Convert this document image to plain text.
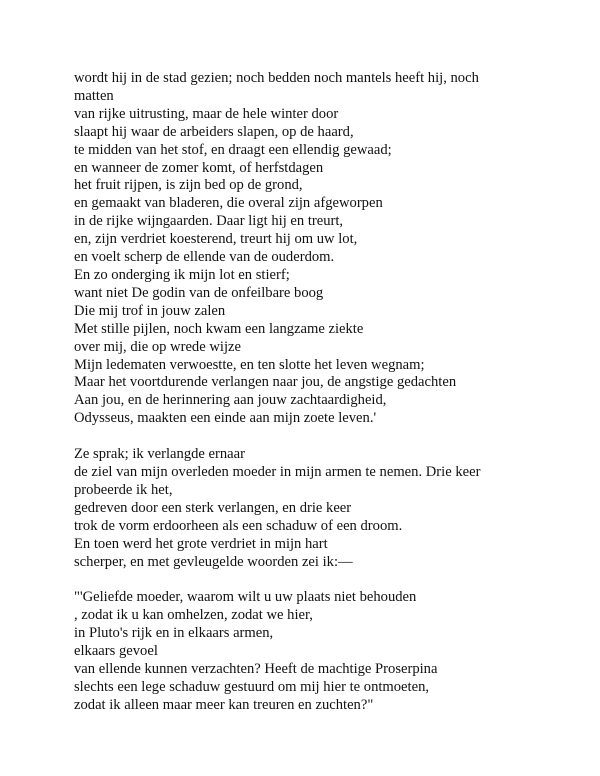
wordt hij in de stad gezien; noch bedden noch mantels heeft hij, noch
matten
van rijke uitrusting, maar de hele winter door
slaapt hij waar de arbeiders slapen, op de haard,
te midden van het stof, en draagt een ellendig gewaad;
en wanneer de zomer komt, of herfstdagen
het fruit rijpen, is zijn bed op de grond,
en gemaakt van bladeren, die overal zijn afgeworpen
in de rijke wijngaarden. Daar ligt hij en treurt,
en, zijn verdriet koesterend, treurt hij om uw lot,
en voelt scherp de ellende van de ouderdom.
En zo onderging ik mijn lot en stierf;
want niet De godin van de onfeilbare boog
Die mij trof in jouw zalen
Met stille pijlen, noch kwam een langzame ziekte
over mij, die op wrede wijze
Mijn ledematen verwoestte, en ten slotte het leven wegnam;
Maar het voortdurende verlangen naar jou, de angstige gedachten
Aan jou, en de herinnering aan jouw zachtaardigheid,
Odysseus, maakten een einde aan mijn zoete leven.'
Ze sprak; ik verlangde ernaar
de ziel van mijn overleden moeder in mijn armen te nemen. Drie keer
probeerde ik het,
gedreven door een sterk verlangen, en drie keer
trok de vorm erdoorheen als een schaduw of een droom.
En toen werd het grote verdriet in mijn hart
scherper, en met gevleugelde woorden zei ik:—
"'Geliefde moeder, waarom wilt u uw plaats niet behouden
, zodat ik u kan omhelzen, zodat we hier,
in Pluto's rijk en in elkaars armen,
elkaars gevoel
van ellende kunnen verzachten? Heeft de machtige Proserpina
slechts een lege schaduw gestuurd om mij hier te ontmoeten,
zodat ik alleen maar meer kan treuren en zuchten?"
